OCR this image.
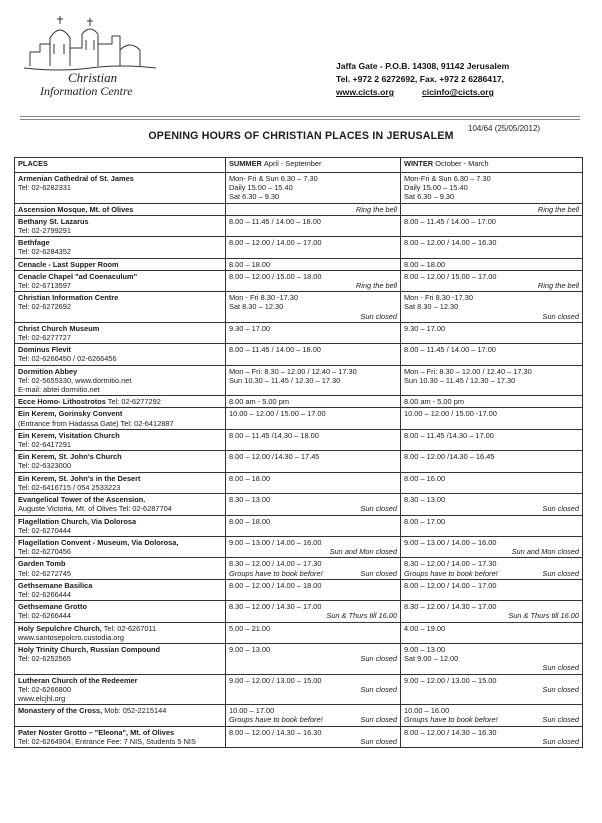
Christian
Information Centre
Jaffa Gate - P.O.B. 14308, 91142 Jerusalem
Tel. +972 2 6272692, Fax. +972 2 6286417,
www.cicts.org	cicinfo@cicts.org
104/64 (25/05/2012)
OPENING HOURS OF CHRISTIAN PLACES IN JERUSALEM
PLACES	SUMMER April - September	WINTER October - March

Armenian Cathedral of St. James
Tel: 02-6282331	Mon- Fri & Sun 6.30 – 7.30
Daily 15.00 – 15.40
Sat 6.30 – 9.30	Mon-Fri & Sun 6.30 – 7.30
Daily 15.00 – 15.40
Sat 6.30 – 9.30

Ascension Mosque, Mt. of Olives	Ring the bell	Ring the bell

Bethany St. Lazarus
Tel: 02-2799291	8.00 – 11.45 / 14.00 – 18.00	8.00 – 11.45 / 14.00 – 17.00

Bethfage
Tel: 02-6284352	8.00 – 12.00 / 14.00 – 17.00	8.00 – 12.00 / 14.00 – 16.30

Cenacle - Last Supper Room	8.00 – 18.00	8.00 – 18.00

Cenacle Chapel "ad Coenaculum"
Tel: 02-6713597	8.00 – 12.00 / 15.00 – 18.00
Ring the bell	8.00 – 12.00 / 15.00 – 17.00
Ring the bell

Christian Information Centre
Tel: 02-6272692	Mon - Fri 8.30 -17.30
Sat 8.30 – 12.30
Sun closed	Mon - Fri 8.30 -17.30
Sat 8.30 – 12.30
Sun closed

Christ Church Museum
Tel: 02-6277727	9.30 – 17.00	9.30 – 17.00

Dominus Flevit
Tel: 02-6266450 / 02-6266456	8.00 – 11.45 / 14.00 – 18.00	8.00 – 11.45 / 14.00 – 17.00

Dormition Abbey
Tel: 02-5655330, www.dormitio.net
E-mail: abtei dormitio.net	Mon – Fri: 8.30 – 12.00 / 12.40 – 17.30
Sun 10.30 – 11.45 / 12.30 – 17.30	Mon – Fri: 8.30 – 12.00 / 12.40 – 17.30
Sun 10.30 – 11.45 / 12.30 – 17.30

Ecce Homo- Lithostrotos Tel: 02-6277292	8.00 am - 5.00 pm	8.00 am - 5.00 pm

Ein Kerem, Gorinsky Convent
(Entrance from Hadassa Gate) Tel: 02-6412887	10.00 – 12.00 / 15.00 – 17.00	10.00 – 12.00 / 15.00 -17.00

Ein Kerem, Visitation Church
Tel: 02-6417291	8.00 – 11.45 /14.30 – 18.00	8.00 – 11.45 /14.30 – 17.00

Ein Kerem, St. John's Church
Tel: 02-6323000	8.00 – 12.00 /14.30 – 17.45	8.00 – 12.00 /14.30 – 16.45

Ein Kerem, St. John's in the Desert
Tel: 02-6416715 / 054 2533223	8.00 – 18.00	8.00 – 16.00

Evangelical Tower of the Ascension.
Auguste Victoria, Mt. of Olives Tel: 02-6287704	8.30 – 13.00
Sun closed	8.30 – 13.00
Sun closed

Flagellation Church, Via Dolorosa
Tel: 02-6270444	8.00 – 18.00	8.00 – 17.00

Flagellation Convent - Museum, Via Dolorosa,
Tel: 02-6270456	9.00 – 13.00 / 14.00 – 16.00
Sun and Mon closed	9.00 – 13.00 / 14.00 – 16.00
Sun and Mon closed

Garden Tomb
Tel: 02-6272745	8.30 – 12.00 / 14.00 – 17.30
Groups have to book before! Sun closed	8.30 – 12.00 / 14.00 – 17.30
Groups have to book before! Sun closed

Gethsemane Basilica
Tel: 02-6266444	8.00 – 12.00 / 14.00 – 18.00	8.00 – 12.00 / 14.00 – 17.00

Gethsemane Grotto
Tel: 02-6266444	8.30 – 12.00 / 14.30 – 17.00
Sun & Thurs till 16.00	8.30 – 12.00 / 14.30 – 17.00
Sun & Thurs till 16.00

Holy Sepulchre Church, Tel: 02-6267011
www.santosepolcro.custodia.org	5.00 – 21.00	4.00 – 19.00

Holy Trinity Church, Russian Compound
Tel: 02-6252565	9.00 – 13.00
Sun closed	9.00 – 13.00
Sat 9.00 – 12.00
Sun closed

Lutheran Church of the Redeemer
Tel: 02-6266800
www.elcjhl.org	9.00 – 12.00 / 13.00 – 15.00
Sun closed	9.00 – 12.00 / 13.00 – 15.00
Sun closed

Monastery of the Cross, Mob: 052-2215144	10.00 – 17.00
Groups have to book before! Sun closed	10.00 – 16.00
Groups have to book before! Sun closed

Pater Noster Grotto – "Eleona", Mt. of Olives
Tel: 02-6264904, Entrance Fee: 7 NIS, Students 5 NIS	8.00 – 12.00 / 14.30 – 16.30
Sun closed	8.00 – 12.00 / 14.30 – 16.30
Sun closed
